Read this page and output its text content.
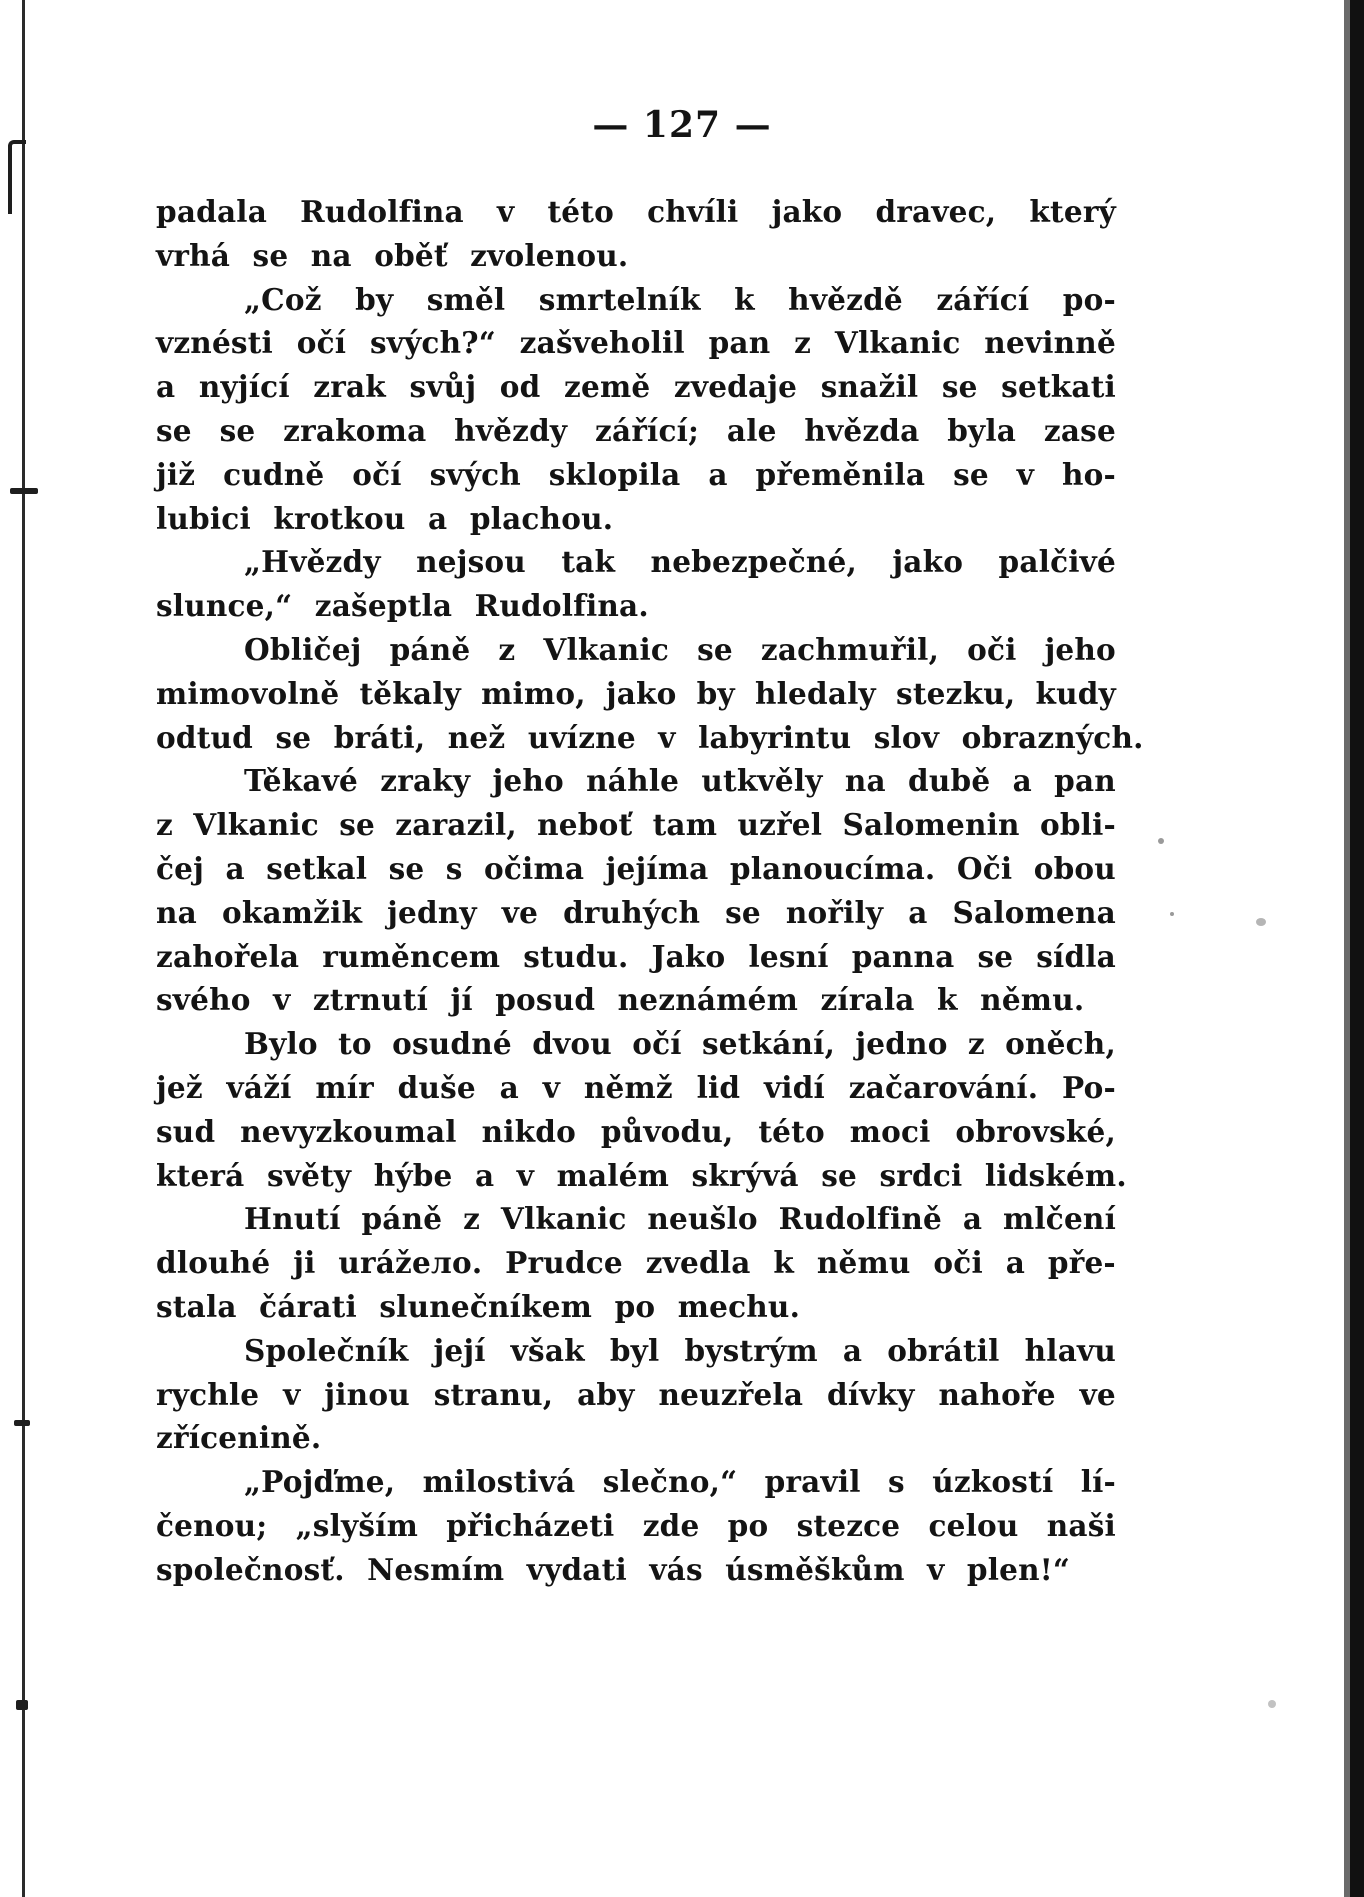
— 127 —
padala Rudolfina v této chvíli jako dravec, který
vrhá se na oběť zvolenou.
„Což by směl smrtelník k hvězdě zářící po-
vznésti očí svých?“ zašveholil pan z Vlkanic nevinně
a nyjící zrak svůj od země zvedaje snažil se setkati
se se zrakoma hvězdy zářící; ale hvězda byla zase
již cudně očí svých sklopila a přeměnila se v ho-
lubici krotkou a plachou.
„Hvězdy nejsou tak nebezpečné, jako palčivé
slunce,“ zašeptla Rudolfina.
Obličej páně z Vlkanic se zachmuřil, oči jeho
mimovolně těkaly mimo, jako by hledaly stezku, kudy
odtud se bráti, než uvízne v labyrintu slov obrazných.
Těkavé zraky jeho náhle utkvěly na dubě a pan
z Vlkanic se zarazil, neboť tam uzřel Salomenin obli-
čej a setkal se s očima jejíma planoucíma. Oči obou
na okamžik jedny ve druhých se nořily a Salomena
zahořela ruměncem studu. Jako lesní panna se sídla
svého v ztrnutí jí posud neznámém zírala k němu.
Bylo to osudné dvou očí setkání, jedno z oněch,
jež váží mír duše a v němž lid vidí začarování. Po-
sud nevyzkoumal nikdo původu, této moci obrovské,
která světy hýbe a v malém skrývá se srdci lidském.
Hnutí páně z Vlkanic neušlo Rudolfině a mlčení
dlouhé ji urážело. Prudce zvedla k němu oči a pře-
stala čárati slunečníkem po mechu.
Společník její však byl bystrým a obrátil hlavu
rychle v jinou stranu, aby neuzřela dívky nahoře ve
zřícenině.
„Pojďme, milostivá slečno,“ pravil s úzkostí lí-
čenou; „slyším přicházeti zde po stezce celou naši
společnosť. Nesmím vydati vás úsměškům v plen!“
